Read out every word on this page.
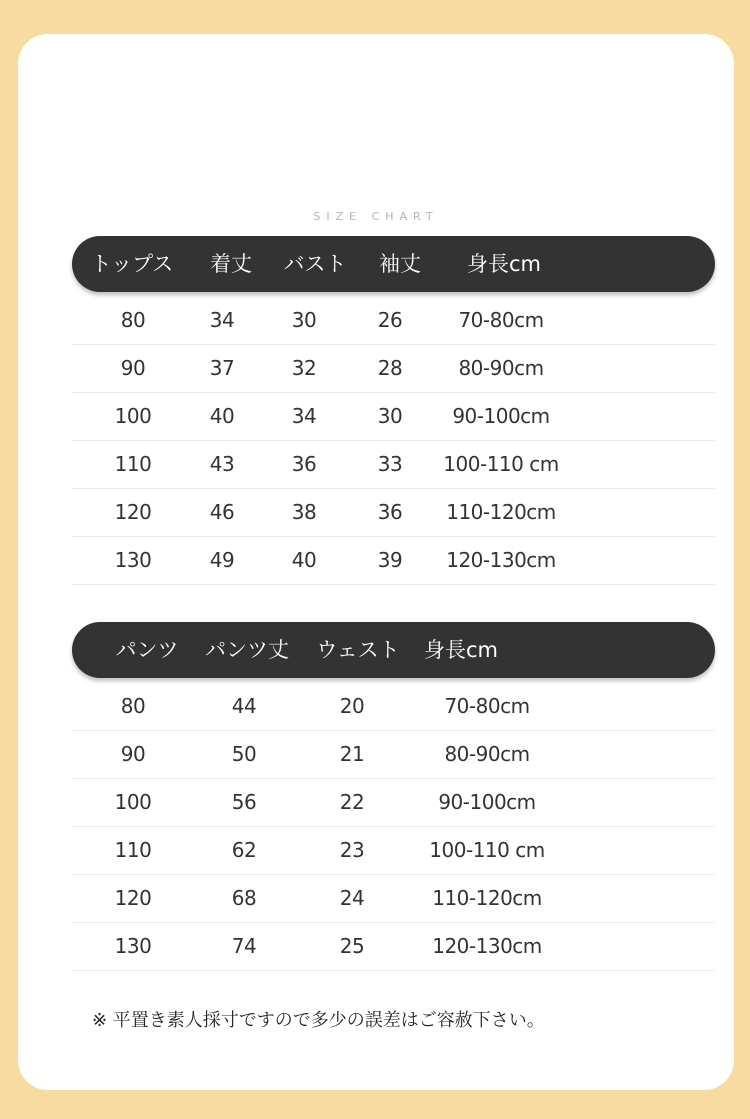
SIZE CHART
トップス 着丈 バスト 袖丈 身長cm
80	34	30	26	70-80cm
90	37	32	28	80-90cm
100	40	34	30	90-100cm
110	43	36	33 100-110 cm
120	46	38	36 110-120cm
130	49	40	39 120-130cm
パンツ パンツ丈 ウェスト 身長cm
80	44	20	70-80cm
90	50	21	80-90cm
100	56	22	90-100cm
110	62	23	100-110 cm
120	68	24	110-120cm
130	74	25	120-130cm
※ 平置き素人採寸ですので多少の誤差はご容赦下さい。
